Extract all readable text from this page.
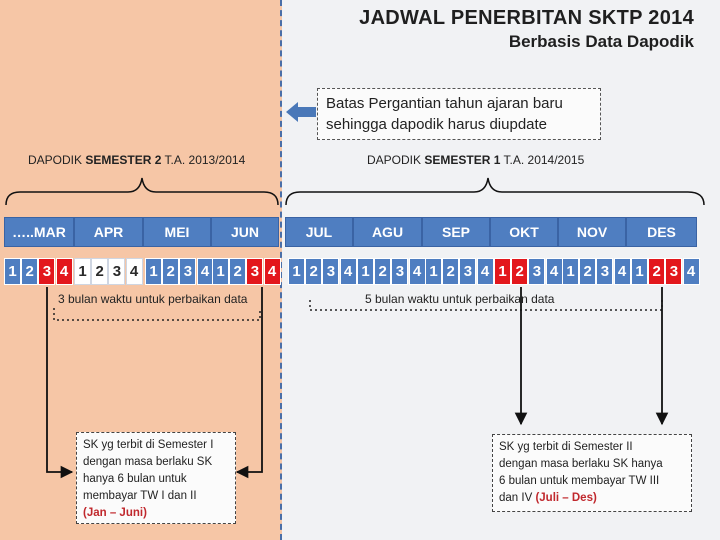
JADWAL PENERBITAN SKTP 2014
Berbasis Data Dapodik
Batas Pergantian tahun ajaran baru
sehingga dapodik harus diupdate
DAPODIK SEMESTER 2 T.A. 2013/2014	DAPODIK SEMESTER 1 T.A. 2014/2015
…..MAR	APR	MEI	JUN	JUL	AGU	SEP	OKT	NOV	DES
1 2 3 4 1 2 3 4 1 2 3 4 1 2 3 4 1 2 3 4 1 2 3 4 1 2 3 4 1 2 3 4 1 2 3 4 1 2 3 4
3 bulan waktu untuk perbaikan data	5 bulan waktu untuk perbaikan data
SK yg terbit di Semester I
dengan masa berlaku SK
hanya 6 bulan untuk
membayar TW I dan II
(Jan – Juni)
SK yg terbit di Semester II
dengan masa berlaku SK hanya
6 bulan untuk membayar TW III
dan IV (Juli – Des)
